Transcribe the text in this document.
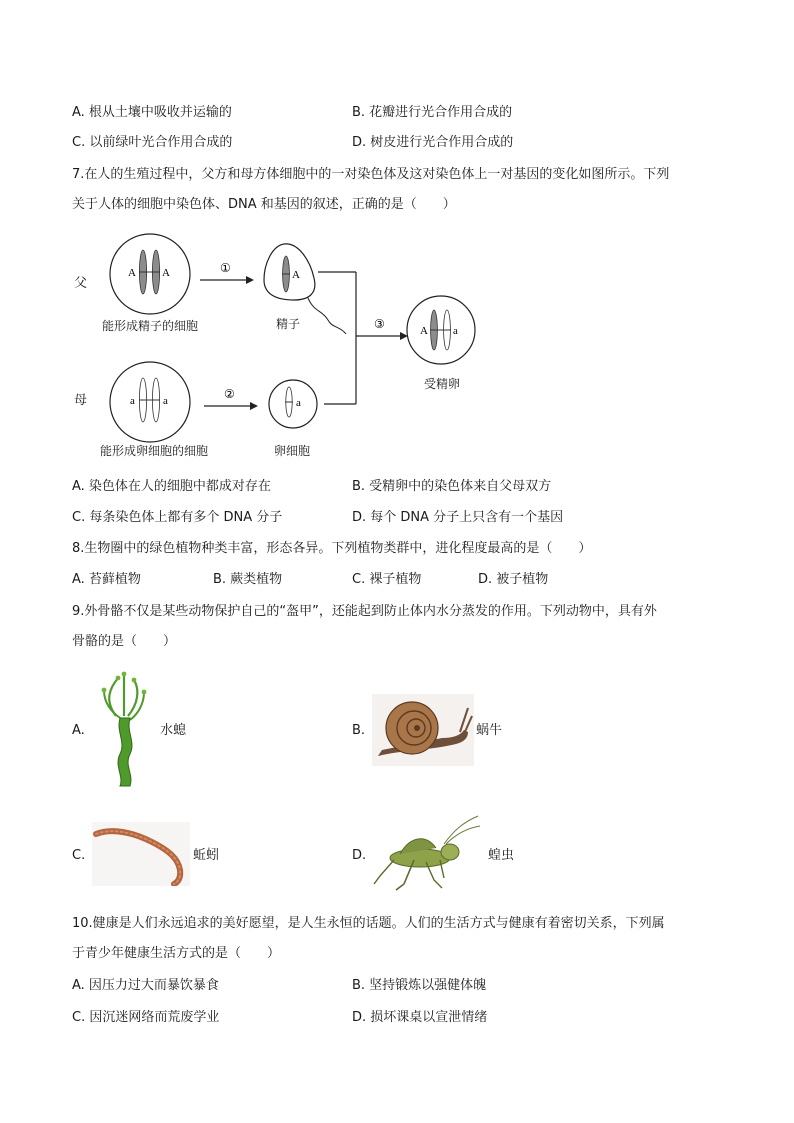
A. 根从土壤中吸收并运输的	B. 花瓣进行光合作用合成的
C. 以前绿叶光合作用合成的	D. 树皮进行光合作用合成的
7.在人的生殖过程中，父方和母方体细胞中的一对染色体及这对染色体上一对基因的变化如图所示。下列
关于人体的细胞中染色体、DNA 和基因的叙述，正确的是（　　）
A A	①	A
③	A a
a	a	②
a
父
母
能形成精子的细胞	精子
受精卵
能形成卵细胞的细胞	卵细胞
A. 染色体在人的细胞中都成对存在	B. 受精卵中的染色体来自父母双方
C. 每条染色体上都有多个 DNA 分子	D. 每个 DNA 分子上只含有一个基因
8.生物圈中的绿色植物种类丰富，形态各异。下列植物类群中，进化程度最高的是（　　）
A. 苔藓植物	B. 蕨类植物	C. 裸子植物	D. 被子植物
9.外骨骼不仅是某些动物保护自己的“盔甲”，还能起到防止体内水分蒸发的作用。下列动物中，具有外
骨骼的是（　　）
A.	水螅	B.	蜗牛
C.	蚯蚓	D.	蝗虫
10.健康是人们永远追求的美好愿望，是人生永恒的话题。人们的生活方式与健康有着密切关系，下列属
于青少年健康生活方式的是（　　）
A. 因压力过大而暴饮暴食	B. 坚持锻炼以强健体魄
C. 因沉迷网络而荒废学业	D. 损坏课桌以宣泄情绪
